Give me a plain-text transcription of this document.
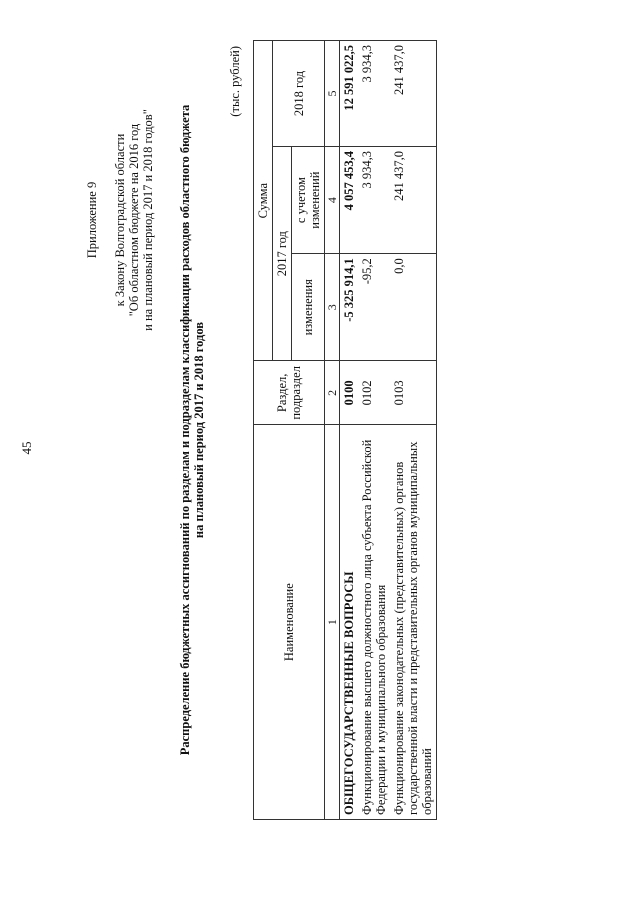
45
Приложение 9 к Закону Волгоградской области "Об областном бюджете на 2016 год и на плановый период 2017 и 2018 годов" Распределение бюджетных ассигнований по разделам и подразделам классификации расходов областного бюджета на плановый период 2017 и 2018 годов
(тыс. рублей)
Наименование	Раздел, подраздел	Сумма		
		2017 год		2018 год
		изменения	с учетом изменений	
1	2	3	4	5
ОБЩЕГОСУДАРСТВЕННЫЕ ВОПРОСЫ	0100	-5 325 914,1	4 057 453,4	12 591 022,5
Функционирование высшего должностного лица субъекта Российской Федерации и муниципального образования	0102	-95,2	3 934,3	3 934,3
Функционирование законодательных (представительных) органов государственной власти и представительных органов муниципальных образований	0103	0,0	241 437,0	241 437,0
